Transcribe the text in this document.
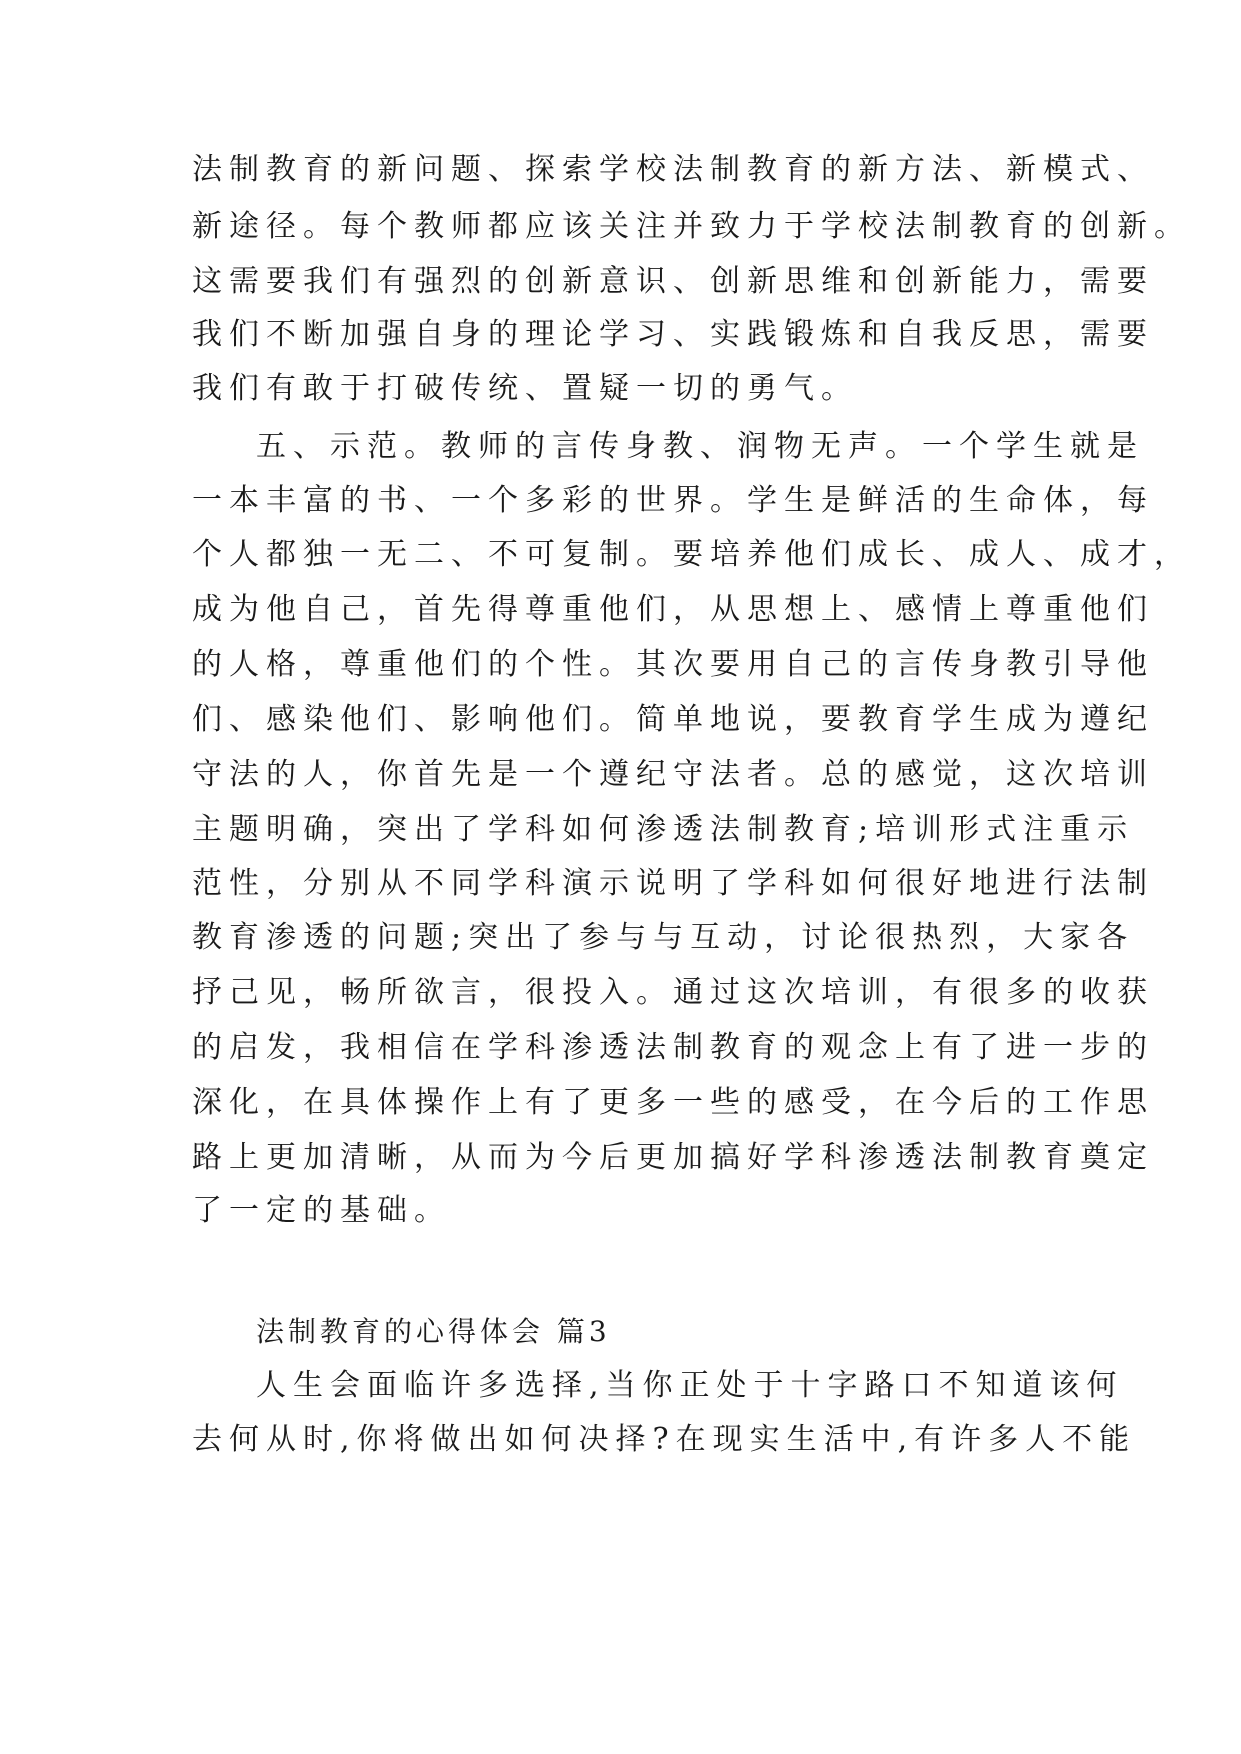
法制教育的新问题、探索学校法制教育的新方法、新模式、
新途径。每个教师都应该关注并致力于学校法制教育的创新。
这需要我们有强烈的创新意识、创新思维和创新能力，需要
我们不断加强自身的理论学习、实践锻炼和自我反思，需要
我们有敢于打破传统、置疑一切的勇气。
五、示范。教师的言传身教、润物无声。一个学生就是
一本丰富的书、一个多彩的世界。学生是鲜活的生命体，每
个人都独一无二、不可复制。要培养他们成长、成人、成才，
成为他自己，首先得尊重他们，从思想上、感情上尊重他们
的人格，尊重他们的个性。其次要用自己的言传身教引导他
们、感染他们、影响他们。简单地说，要教育学生成为遵纪
守法的人，你首先是一个遵纪守法者。总的感觉，这次培训
主题明确，突出了学科如何渗透法制教育;培训形式注重示
范性，分别从不同学科演示说明了学科如何很好地进行法制
教育渗透的问题;突出了参与与互动，讨论很热烈，大家各
抒己见，畅所欲言，很投入。通过这次培训，有很多的收获
的启发，我相信在学科渗透法制教育的观念上有了进一步的
深化，在具体操作上有了更多一些的感受，在今后的工作思
路上更加清晰，从而为今后更加搞好学科渗透法制教育奠定
了一定的基础。
法制教育的心得体会 篇3
人生会面临许多选择,当你正处于十字路口不知道该何
去何从时,你将做出如何决择?在现实生活中,有许多人不能
